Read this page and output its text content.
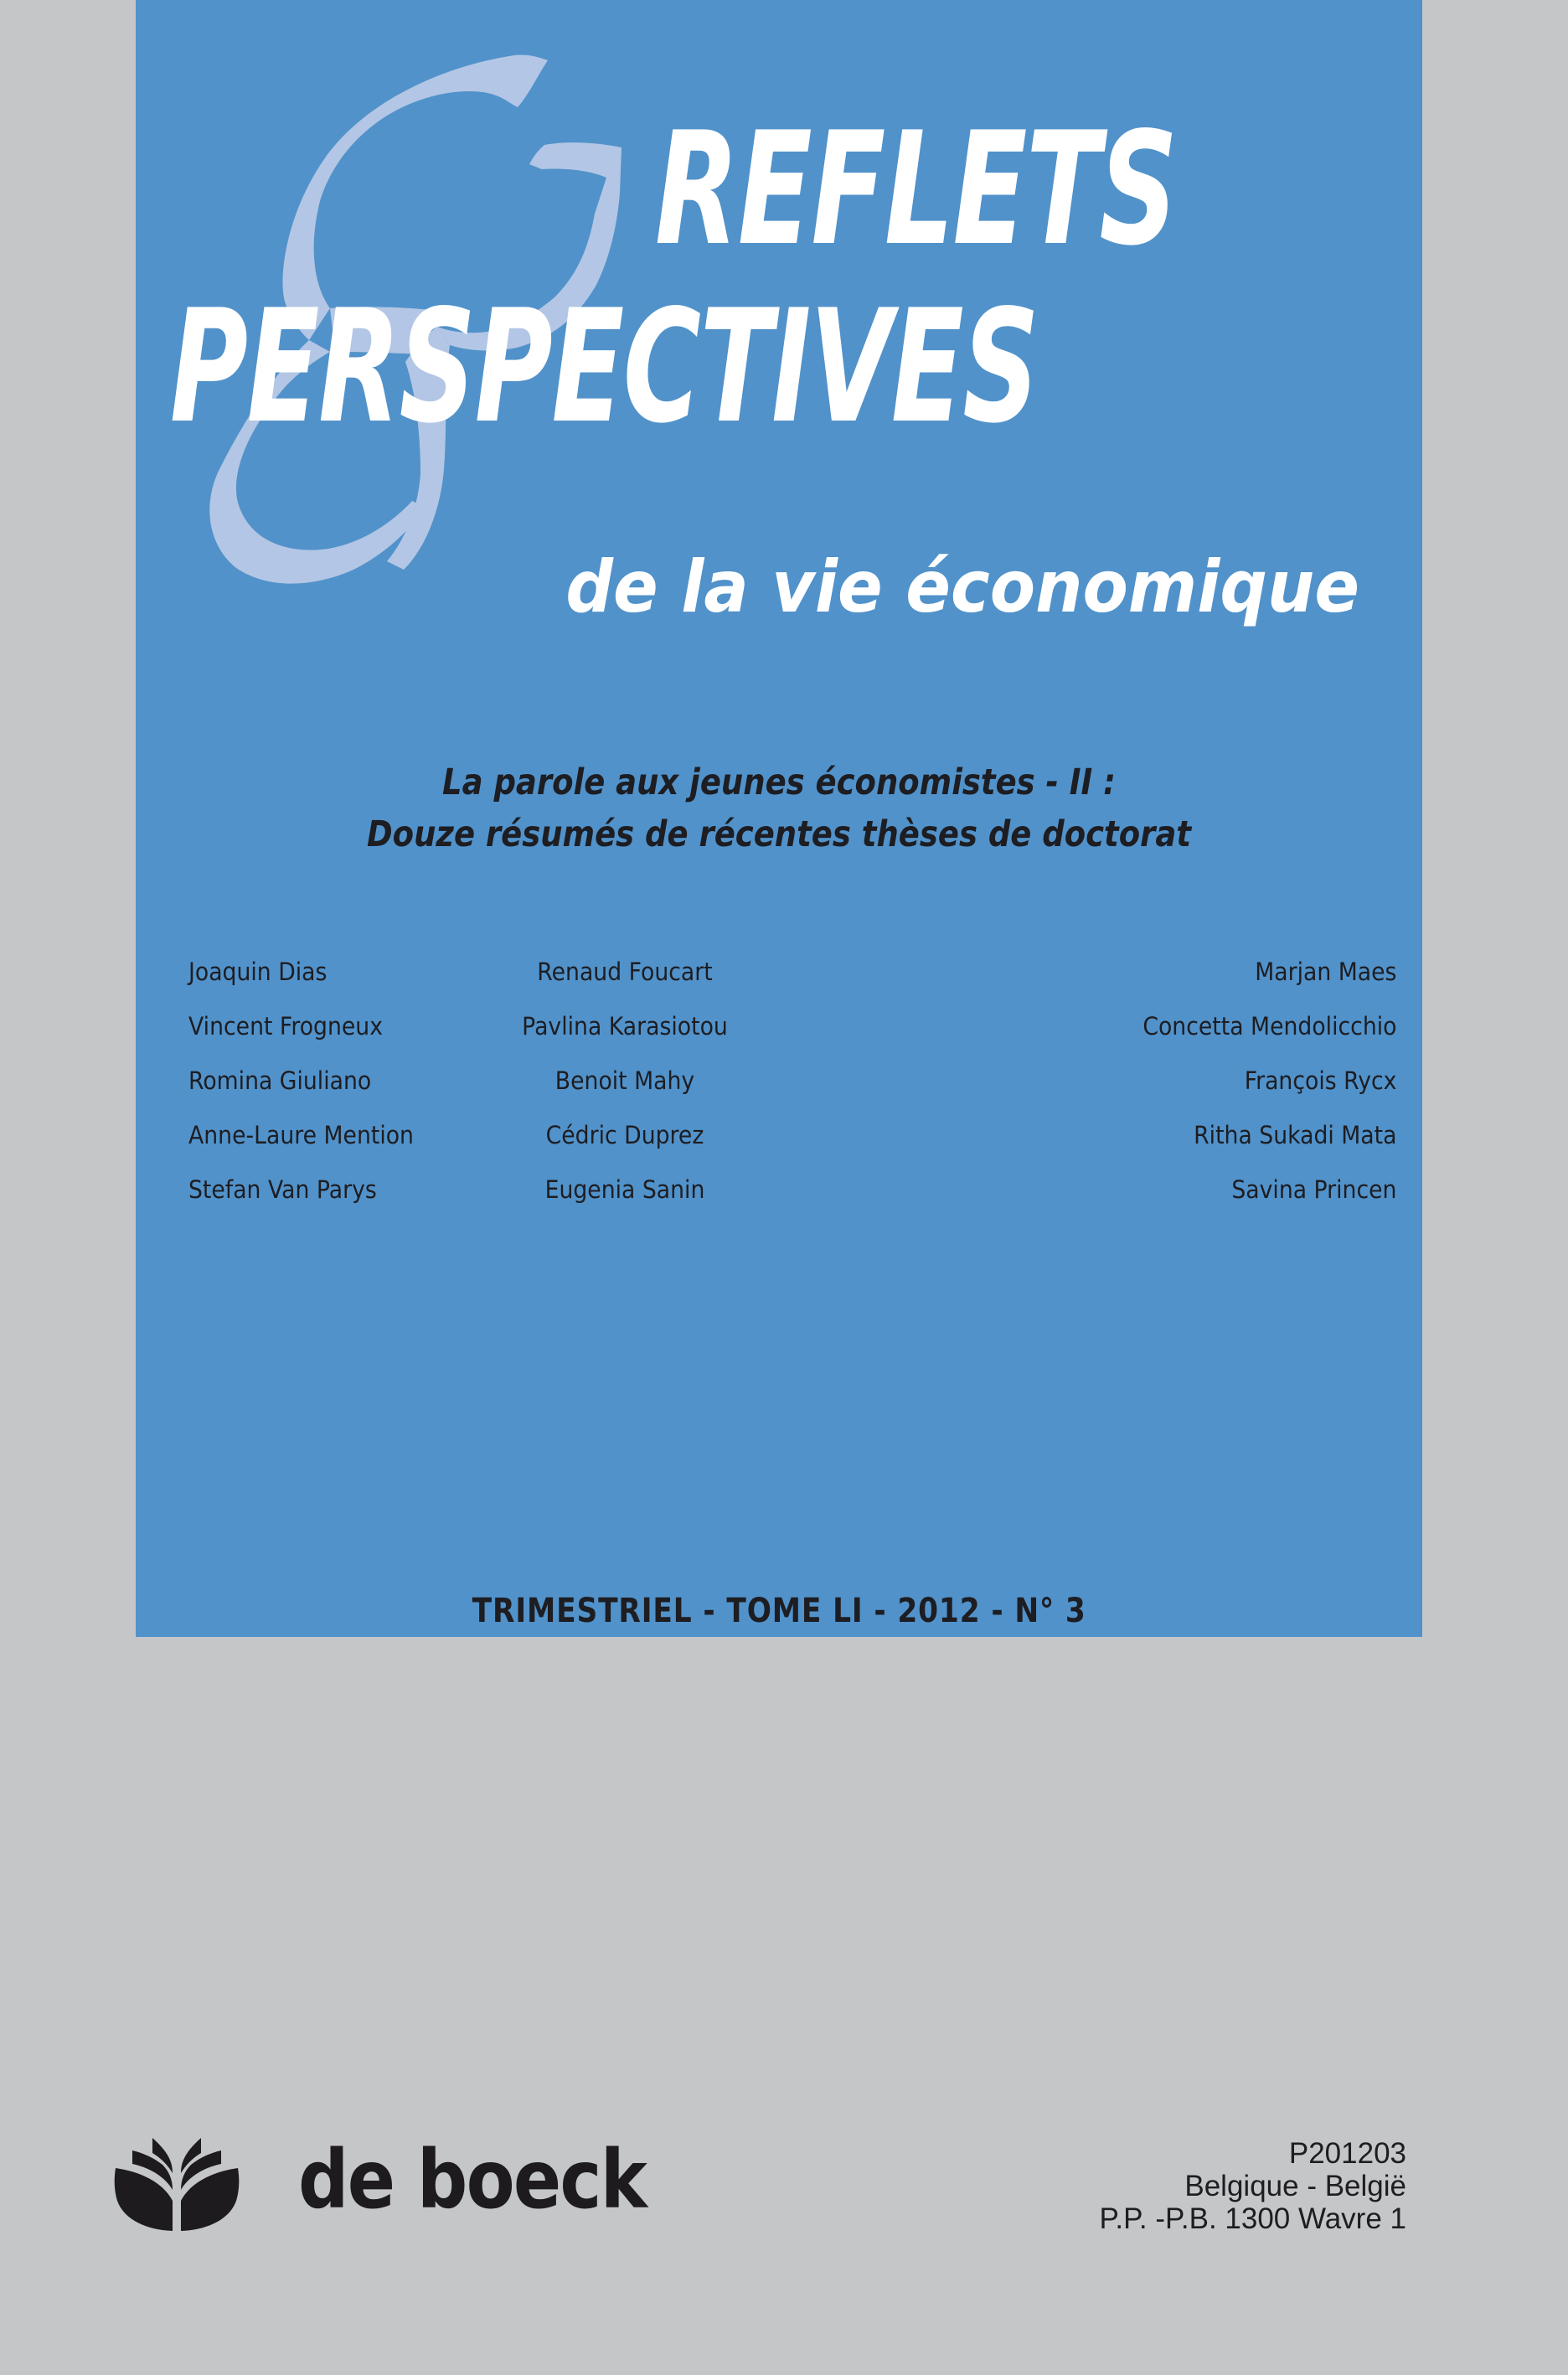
REFLETS
PERSPECTIVES
de la vie économique
La parole aux jeunes économistes - II :
Douze résumés de récentes thèses de doctorat
Joaquin Dias
Vincent Frogneux
Romina Giuliano
Anne-Laure Mention
Stefan Van Parys
Renaud Foucart
Pavlina Karasiotou
Benoit Mahy
Cédric Duprez
Eugenia Sanin
Marjan Maes
Concetta Mendolicchio
François Rycx
Ritha Sukadi Mata
Savina Princen
TRIMESTRIEL - TOME LI - 2012 - N° 3
de boeck	P201203
Belgique - België
P.P. -P.B. 1300 Wavre 1
